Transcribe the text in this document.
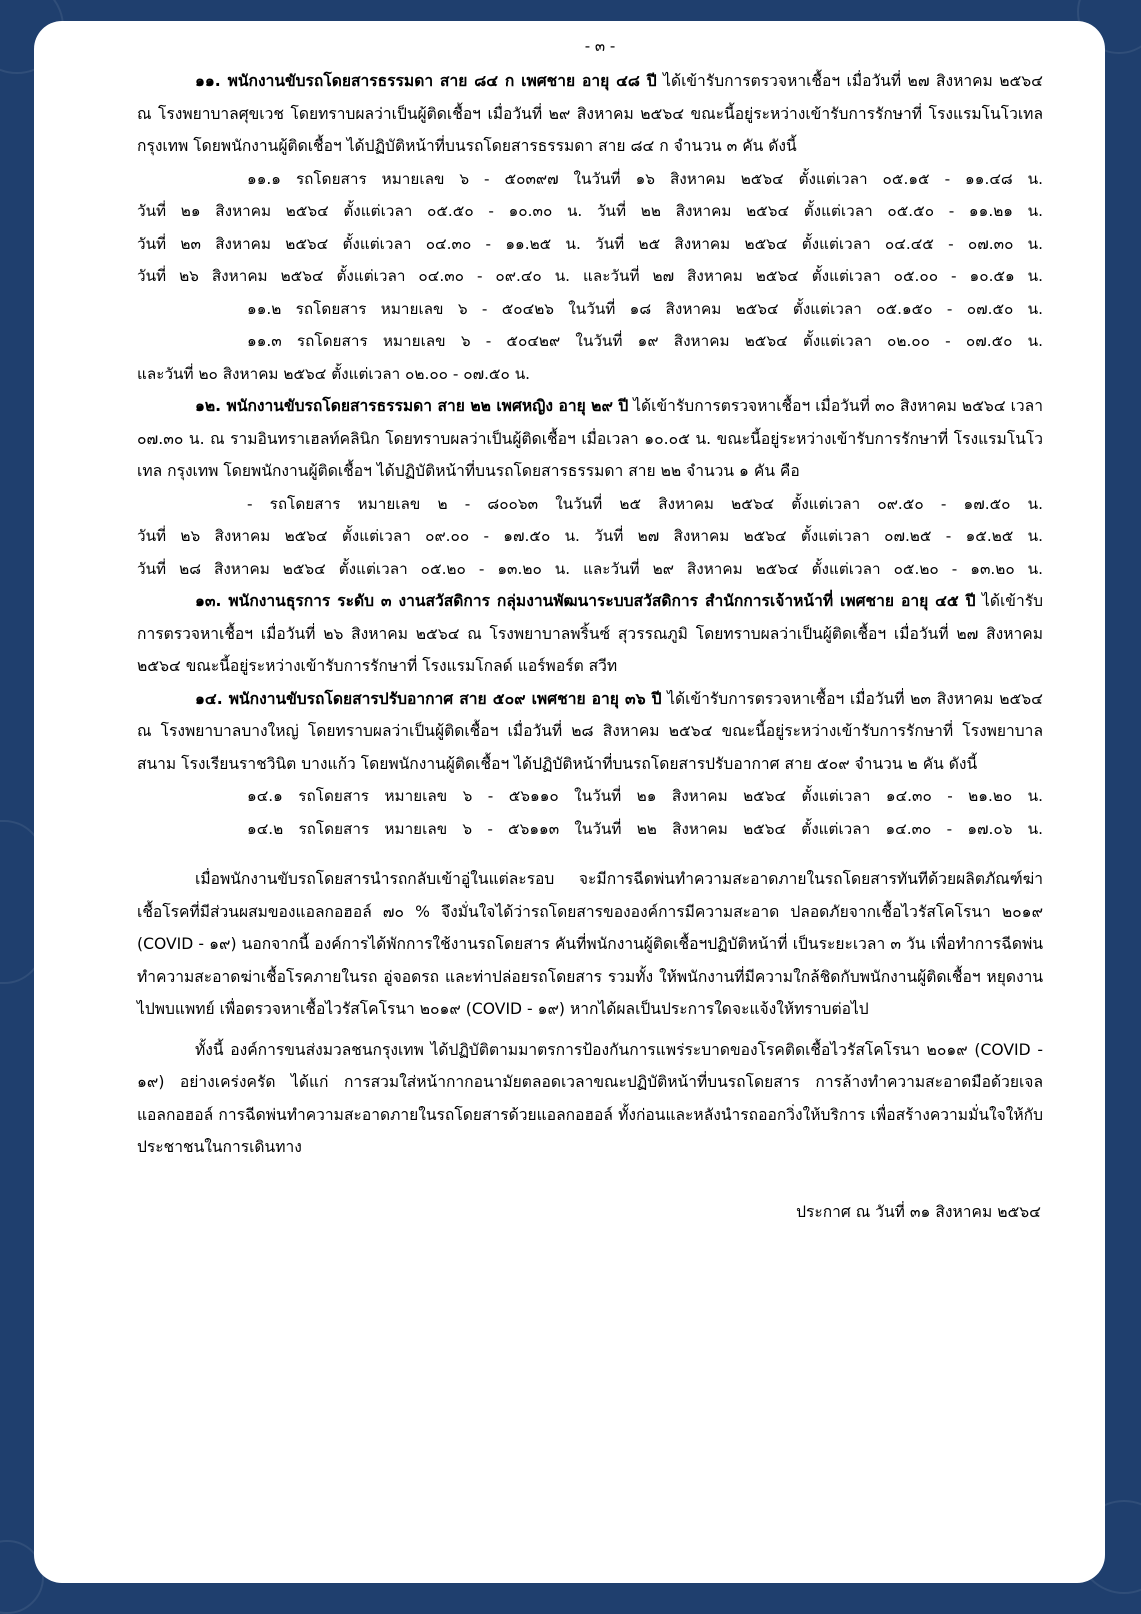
- ๓ -

๑๑. พนักงานขับรถโดยสารธรรมดา สาย ๘๔ ก เพศชาย อายุ ๔๘ ปี ได้เข้ารับการตรวจหาเชื้อฯ เมื่อวันที่ ๒๗ สิงหาคม ๒๕๖๔ ณ โรงพยาบาลศุขเวช โดยทราบผลว่าเป็นผู้ติดเชื้อฯ เมื่อวันที่ ๒๙ สิงหาคม ๒๕๖๔ ขณะนี้อยู่ระหว่างเข้ารับการรักษาที่ โรงแรมโนโวเทล กรุงเทพ โดยพนักงานผู้ติดเชื้อฯ ได้ปฏิบัติหน้าที่บนรถโดยสารธรรมดา สาย ๘๔ ก จำนวน ๓ คัน ดังนี้

๑๑.๑ รถโดยสาร หมายเลข ๖ - ๕๐๓๙๗ ในวันที่ ๑๖ สิงหาคม ๒๕๖๔ ตั้งแต่เวลา ๐๕.๑๕ - ๑๑.๔๘ น.

วันที่ ๒๑ สิงหาคม ๒๕๖๔ ตั้งแต่เวลา ๐๕.๕๐ - ๑๐.๓๐ น. วันที่ ๒๒ สิงหาคม ๒๕๖๔ ตั้งแต่เวลา ๐๕.๕๐ - ๑๑.๒๑ น.

วันที่ ๒๓ สิงหาคม ๒๕๖๔ ตั้งแต่เวลา ๐๔.๓๐ - ๑๑.๒๕ น. วันที่ ๒๕ สิงหาคม ๒๕๖๔ ตั้งแต่เวลา ๐๔.๔๕ - ๐๗.๓๐ น.

วันที่ ๒๖ สิงหาคม ๒๕๖๔ ตั้งแต่เวลา ๐๔.๓๐ - ๐๙.๔๐ น. และวันที่ ๒๗ สิงหาคม ๒๕๖๔ ตั้งแต่เวลา ๐๕.๐๐ - ๑๐.๕๑ น.

๑๑.๒ รถโดยสาร หมายเลข ๖ - ๕๐๔๒๖ ในวันที่ ๑๘ สิงหาคม ๒๕๖๔ ตั้งแต่เวลา ๐๕.๑๕๐ - ๐๗.๕๐ น.

๑๑.๓ รถโดยสาร หมายเลข ๖ - ๕๐๔๒๙ ในวันที่ ๑๙ สิงหาคม ๒๕๖๔ ตั้งแต่เวลา ๐๒.๐๐ - ๐๗.๕๐ น.

และวันที่ ๒๐ สิงหาคม ๒๕๖๔ ตั้งแต่เวลา ๐๒.๐๐ - ๐๗.๕๐ น.

๑๒. พนักงานขับรถโดยสารธรรมดา สาย ๒๒ เพศหญิง อายุ ๒๙ ปี ได้เข้ารับการตรวจหาเชื้อฯ เมื่อวันที่ ๓๐ สิงหาคม ๒๕๖๔ เวลา ๐๗.๓๐ น. ณ รามอินทราเฮลท์คลินิก โดยทราบผลว่าเป็นผู้ติดเชื้อฯ เมื่อเวลา ๑๐.๐๕ น. ขณะนี้อยู่ระหว่างเข้ารับการรักษาที่ โรงแรมโนโวเทล กรุงเทพ โดยพนักงานผู้ติดเชื้อฯ ได้ปฏิบัติหน้าที่บนรถโดยสารธรรมดา สาย ๒๒ จำนวน ๑ คัน คือ

- รถโดยสาร หมายเลข ๒ - ๘๐๐๖๓ ในวันที่ ๒๕ สิงหาคม ๒๕๖๔ ตั้งแต่เวลา ๐๙.๕๐ - ๑๗.๕๐ น.

วันที่ ๒๖ สิงหาคม ๒๕๖๔ ตั้งแต่เวลา ๐๙.๐๐ - ๑๗.๕๐ น. วันที่ ๒๗ สิงหาคม ๒๕๖๔ ตั้งแต่เวลา ๐๗.๒๕ - ๑๕.๒๕ น.

วันที่ ๒๘ สิงหาคม ๒๕๖๔ ตั้งแต่เวลา ๐๕.๒๐ - ๑๓.๒๐ น. และวันที่ ๒๙ สิงหาคม ๒๕๖๔ ตั้งแต่เวลา ๐๕.๒๐ - ๑๓.๒๐ น.

๑๓. พนักงานธุรการ ระดับ ๓ งานสวัสดิการ กลุ่มงานพัฒนาระบบสวัสดิการ สำนักการเจ้าหน้าที่ เพศชาย อายุ ๔๕ ปี ได้เข้ารับการตรวจหาเชื้อฯ เมื่อวันที่ ๒๖ สิงหาคม ๒๕๖๔ ณ โรงพยาบาลพริ้นซ์ สุวรรณภูมิ โดยทราบผลว่าเป็นผู้ติดเชื้อฯ เมื่อวันที่ ๒๗ สิงหาคม ๒๕๖๔ ขณะนี้อยู่ระหว่างเข้ารับการรักษาที่ โรงแรมโกลด์ แอร์พอร์ต สวีท

๑๔. พนักงานขับรถโดยสารปรับอากาศ สาย ๕๐๙ เพศชาย อายุ ๓๖ ปี ได้เข้ารับการตรวจหาเชื้อฯ เมื่อวันที่ ๒๓ สิงหาคม ๒๕๖๔ ณ โรงพยาบาลบางใหญ่ โดยทราบผลว่าเป็นผู้ติดเชื้อฯ เมื่อวันที่ ๒๘ สิงหาคม ๒๕๖๔ ขณะนี้อยู่ระหว่างเข้ารับการรักษาที่ โรงพยาบาลสนาม โรงเรียนราชวินิต บางแก้ว โดยพนักงานผู้ติดเชื้อฯ ได้ปฏิบัติหน้าที่บนรถโดยสารปรับอากาศ สาย ๕๐๙ จำนวน ๒ คัน ดังนี้

๑๔.๑ รถโดยสาร หมายเลข ๖ - ๕๖๑๑๐ ในวันที่ ๒๑ สิงหาคม ๒๕๖๔ ตั้งแต่เวลา ๑๔.๓๐ - ๒๑.๒๐ น.

๑๔.๒ รถโดยสาร หมายเลข ๖ - ๕๖๑๑๓ ในวันที่ ๒๒ สิงหาคม ๒๕๖๔ ตั้งแต่เวลา ๑๔.๓๐ - ๑๗.๐๖ น.

เมื่อพนักงานขับรถโดยสารนำรถกลับเข้าอู่ในแต่ละรอบ จะมีการฉีดพ่นทำความสะอาดภายในรถโดยสารทันทีด้วยผลิตภัณฑ์ฆ่าเชื้อโรคที่มีส่วนผสมของแอลกอฮอล์ ๗๐ % จึงมั่นใจได้ว่ารถโดยสารขององค์การมีความสะอาด ปลอดภัยจากเชื้อไวรัสโคโรนา ๒๐๑๙ (COVID - ๑๙) นอกจากนี้ องค์การได้พักการใช้งานรถโดยสาร คันที่พนักงานผู้ติดเชื้อฯปฏิบัติหน้าที่ เป็นระยะเวลา ๓ วัน เพื่อทำการฉีดพ่นทำความสะอาดฆ่าเชื้อโรคภายในรถ อู่จอดรถ และท่าปล่อยรถโดยสาร รวมทั้ง ให้พนักงานที่มีความใกล้ชิดกับพนักงานผู้ติดเชื้อฯ หยุดงานไปพบแพทย์ เพื่อตรวจหาเชื้อไวรัสโคโรนา ๒๐๑๙ (COVID - ๑๙) หากได้ผลเป็นประการใดจะแจ้งให้ทราบต่อไป

ทั้งนี้ องค์การขนส่งมวลชนกรุงเทพ ได้ปฏิบัติตามมาตรการป้องกันการแพร่ระบาดของโรคติดเชื้อไวรัสโคโรนา ๒๐๑๙ (COVID - ๑๙) อย่างเคร่งครัด ได้แก่ การสวมใส่หน้ากากอนามัยตลอดเวลาขณะปฏิบัติหน้าที่บนรถโดยสาร การล้างทำความสะอาดมือด้วยเจลแอลกอฮอล์ การฉีดพ่นทำความสะอาดภายในรถโดยสารด้วยแอลกอฮอล์ ทั้งก่อนและหลังนำรถออกวิ่งให้บริการ เพื่อสร้างความมั่นใจให้กับประชาชนในการเดินทาง

ประกาศ ณ วันที่ ๓๑ สิงหาคม ๒๕๖๔
